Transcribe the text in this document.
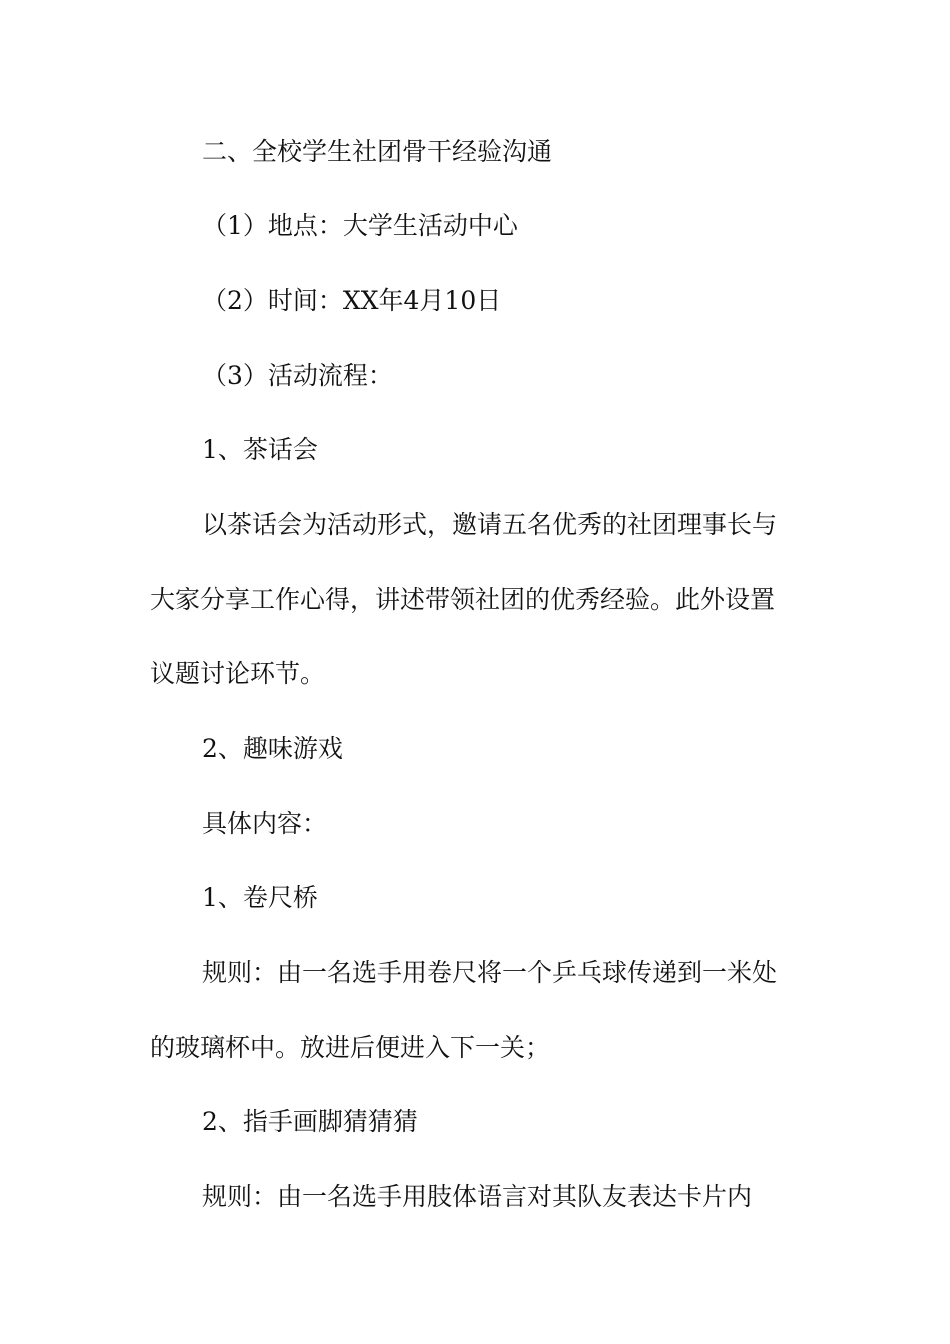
二、全校学生社团骨干经验沟通
（1）地点：大学生活动中心
（2）时间：XX年4月10日
（3）活动流程：
1、茶话会
以茶话会为活动形式，邀请五名优秀的社团理事长与
大家分享工作心得，讲述带领社团的优秀经验。此外设置
议题讨论环节。
2、趣味游戏
具体内容：
1、卷尺桥
规则：由一名选手用卷尺将一个乒乓球传递到一米处
的玻璃杯中。放进后便进入下一关；
2、指手画脚猜猜猜
规则：由一名选手用肢体语言对其队友表达卡片内
